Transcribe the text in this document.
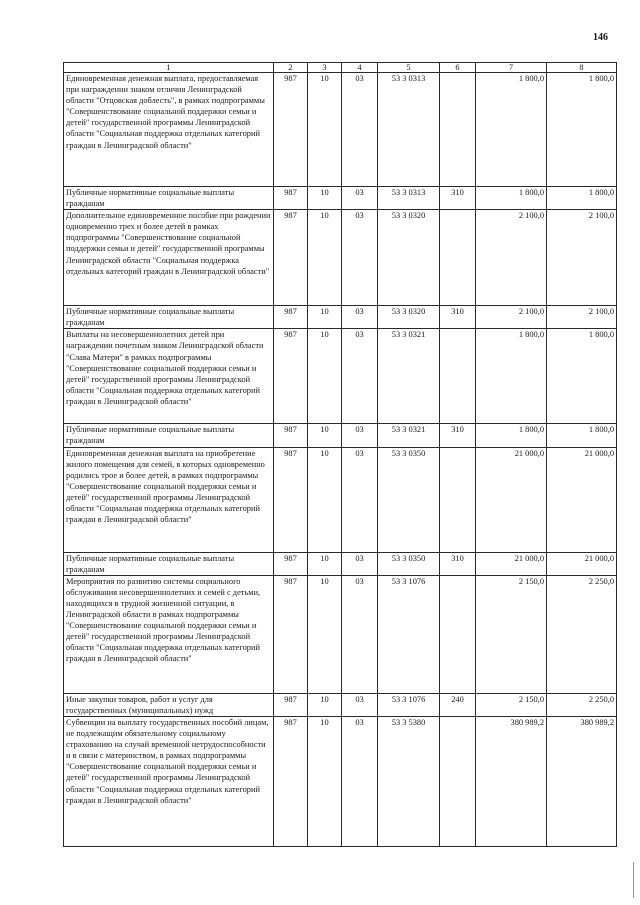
146
1	2	3	4	5	6	7	8
Единовременная денежная выплата, предоставляемая при награждении знаком отличия Ленинградской области "Отцовская доблесть", в рамках подпрограммы "Совершенствование социальной поддержки семьи и детей" государственной программы Ленинградской области "Социальная поддержка отдельных категорий граждан в Ленинградской области"	987	10	03	53 3 0313		1 800,0	1 800,0
Публичные нормативные социальные выплаты гражданам	987	10	03	53 3 0313	310	1 800,0	1 800,0
Дополнительное единовременное пособие при рождении одновременно трех и более детей в рамках подпрограммы "Совершенствование социальной поддержки семьи и детей" государственной программы Ленинградской области "Социальная поддержка отдельных категорий граждан в Ленинградской области"	987	10	03	53 3 0320		2 100,0	2 100,0
Публичные нормативные социальные выплаты гражданам	987	10	03	53 3 0320	310	2 100,0	2 100,0
Выплаты на несовершеннолетних детей при награждении почетным знаком Ленинградской области "Слава Матери" в рамках подпрограммы "Совершенствование социальной поддержки семьи и детей" государственной программы Ленинградской области "Социальная поддержка отдельных категорий граждан в Ленинградской области"	987	10	03	53 3 0321		1 800,0	1 800,0
Публичные нормативные социальные выплаты гражданам	987	10	03	53 3 0321	310	1 800,0	1 800,0
Единовременная денежная выплата на приобретение жилого помещения для семей, в которых одновременно родились трое и более детей, в рамках подпрограммы "Совершенствование социальной поддержки семьи и детей" государственной программы Ленинградской области "Социальная поддержка отдельных категорий граждан в Ленинградской области"	987	10	03	53 3 0350		21 000,0	21 000,0
Публичные нормативные социальные выплаты гражданам	987	10	03	53 3 0350	310	21 000,0	21 000,0
Мероприятия по развитию системы социального обслуживания несовершеннолетних и семей с детьми, находящихся в трудной жизненной ситуации, в Ленинградской области в рамках подпрограммы "Совершенствование социальной поддержки семьи и детей" государственной программы Ленинградской области "Социальная поддержка отдельных категорий граждан в Ленинградской области"	987	10	03	53 3 1076		2 150,0	2 250,0
Иные закупки товаров, работ и услуг для государственных (муниципальных) нужд	987	10	03	53 3 1076	240	2 150,0	2 250,0
Субвенции на выплату государственных пособий лицам, не подлежащим обязательному социальному страхованию на случай временной нетрудоспособности и в связи с материнством, в рамках подпрограммы "Совершенствование социальной поддержки семьи и детей" государственной программы Ленинградской области "Социальная поддержка отдельных категорий граждан в Ленинградской области"	987	10	03	53 3 5380		380 989,2	380 989,2
